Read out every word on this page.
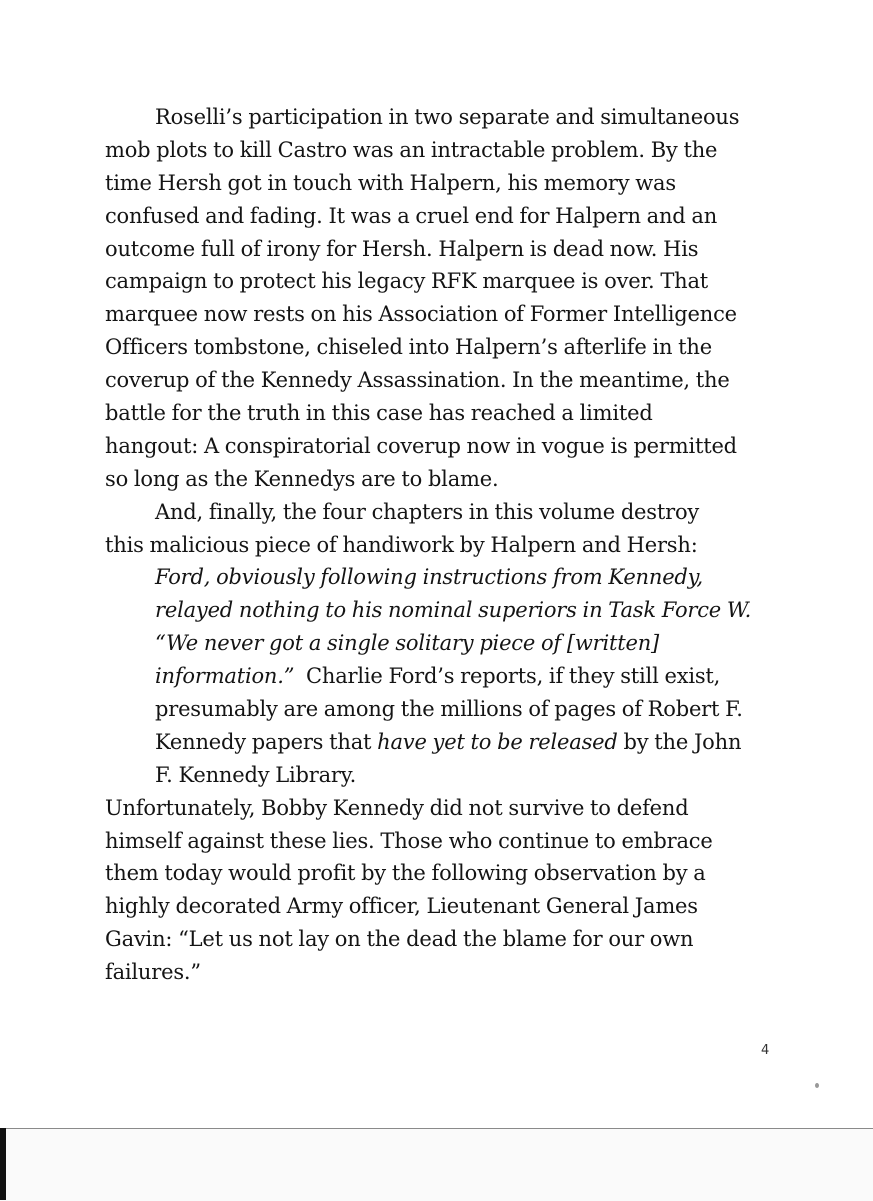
Roselli’s participation in two separate and simultaneous
mob plots to kill Castro was an intractable problem. By the
time Hersh got in touch with Halpern, his memory was
confused and fading. It was a cruel end for Halpern and an
outcome full of irony for Hersh. Halpern is dead now. His
campaign to protect his legacy RFK marquee is over. That
marquee now rests on his Association of Former Intelligence
Officers tombstone, chiseled into Halpern’s afterlife in the
coverup of the Kennedy Assassination. In the meantime, the
battle for the truth in this case has reached a limited
hangout: A conspiratorial coverup now in vogue is permitted
so long as the Kennedys are to blame.
And, finally, the four chapters in this volume destroy
this malicious piece of handiwork by Halpern and Hersh:
Ford, obviously following instructions from Kennedy,
relayed nothing to his nominal superiors in Task Force W.
“We never got a single solitary piece of [written]
information.”  Charlie Ford’s reports, if they still exist,
presumably are among the millions of pages of Robert F.
Kennedy papers that have yet to be released by the John
F. Kennedy Library.
Unfortunately, Bobby Kennedy did not survive to defend
himself against these lies. Those who continue to embrace
them today would profit by the following observation by a
highly decorated Army officer, Lieutenant General James
Gavin: “Let us not lay on the dead the blame for our own
failures.”
4
